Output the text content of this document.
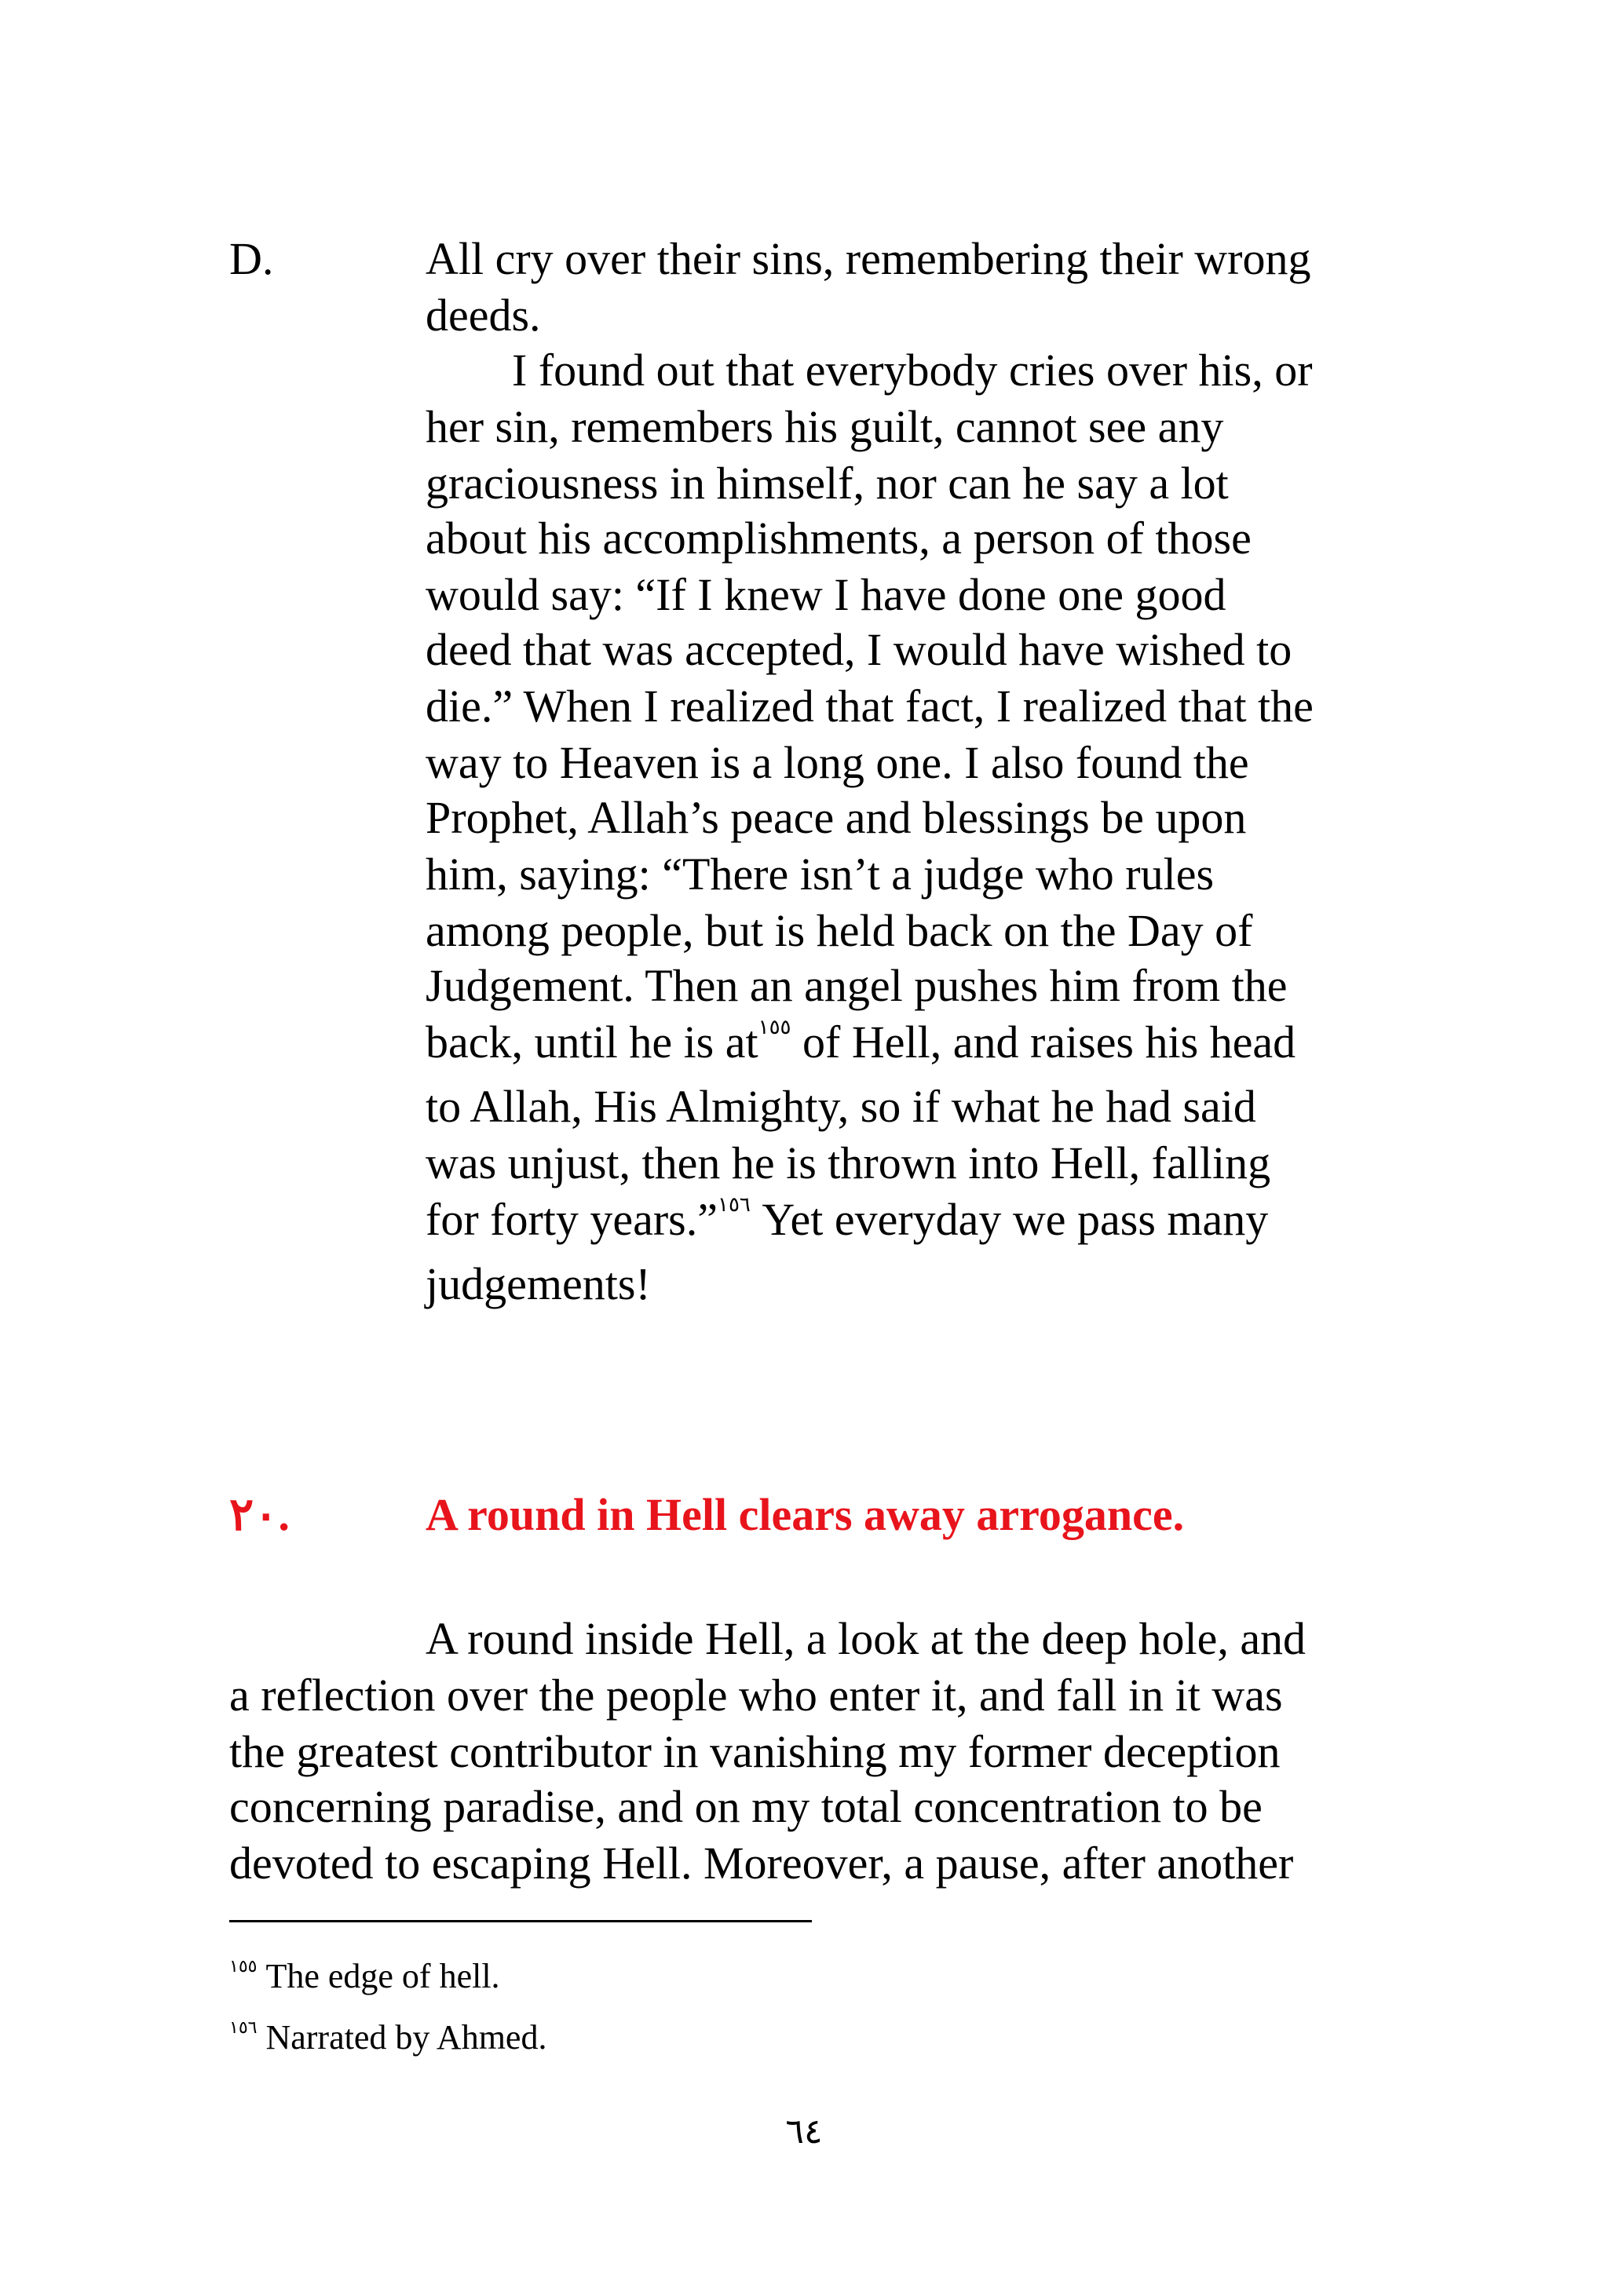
D.	All cry over their sins, remembering their wrong
deeds.
I found out that everybody cries over his, or
her sin, remembers his guilt, cannot see any
graciousness in himself, nor can he say a lot
about his accomplishments, a person of those
would say: “If I knew I have done one good
deed that was accepted, I would have wished to
die.” When I realized that fact, I realized that the
way to Heaven is a long one. I also found the
Prophet, Allah’s peace and blessings be upon
him, saying: “There isn’t a judge who rules
among people, but is held back on the Day of
Judgement. Then an angel pushes him from the
back, until he is at$^{١٥٥}$ of Hell, and raises his head
to Allah, His Almighty, so if what he had said
was unjust, then he is thrown into Hell, falling
for forty years.”$^{١٥٦}$ Yet everyday we pass many
judgements!
٢٠.	A round in Hell clears away arrogance.
A round inside Hell, a look at the deep hole, and
a reflection over the people who enter it, and fall in it was
the greatest contributor in vanishing my former deception
concerning paradise, and on my total concentration to be
devoted to escaping Hell. Moreover, a pause, after another
$^{١٥٥}$ The edge of hell.
$^{١٥٦}$ Narrated by Ahmed.
٦٤
